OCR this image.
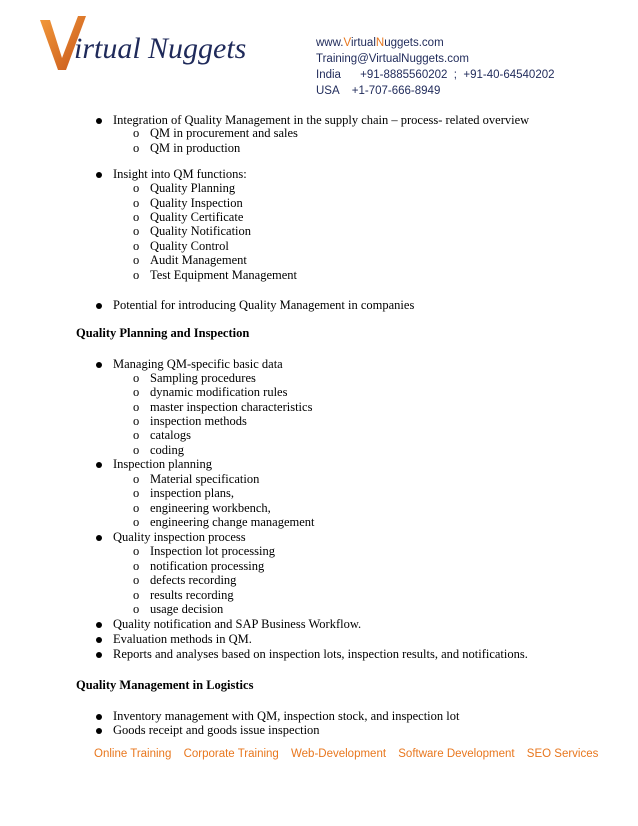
irtual Nuggets	www.VirtualNuggets.com
Training@VirtualNuggets.com
India      +91-8885560202  ;  +91-40-64540202
USA    +1-707-666-8949
Integration of Quality Management in the supply chain – process- related overview
o QM in procurement and sales
o QM in production
Insight into QM functions:
o Quality Planning
o Quality Inspection
o Quality Certificate
o Quality Notification
o Quality Control
o Audit Management
o Test Equipment Management
Potential for introducing Quality Management in companies
Quality Planning and Inspection
Managing QM-specific basic data
o Sampling procedures
o dynamic modification rules
o master inspection characteristics
o inspection methods
o catalogs
o coding
Inspection planning
o Material specification
o inspection plans,
o engineering workbench,
o engineering change management
Quality inspection process
o Inspection lot processing
o notification processing
o defects recording
o results recording
o usage decision
Quality notification and SAP Business Workflow.
Evaluation methods in QM.
Reports and analyses based on inspection lots, inspection results, and notifications.
Quality Management in Logistics
Inventory management with QM, inspection stock, and inspection lot
Goods receipt and goods issue inspection
Online Training Corporate Training Web-Development Software Development SEO Services
